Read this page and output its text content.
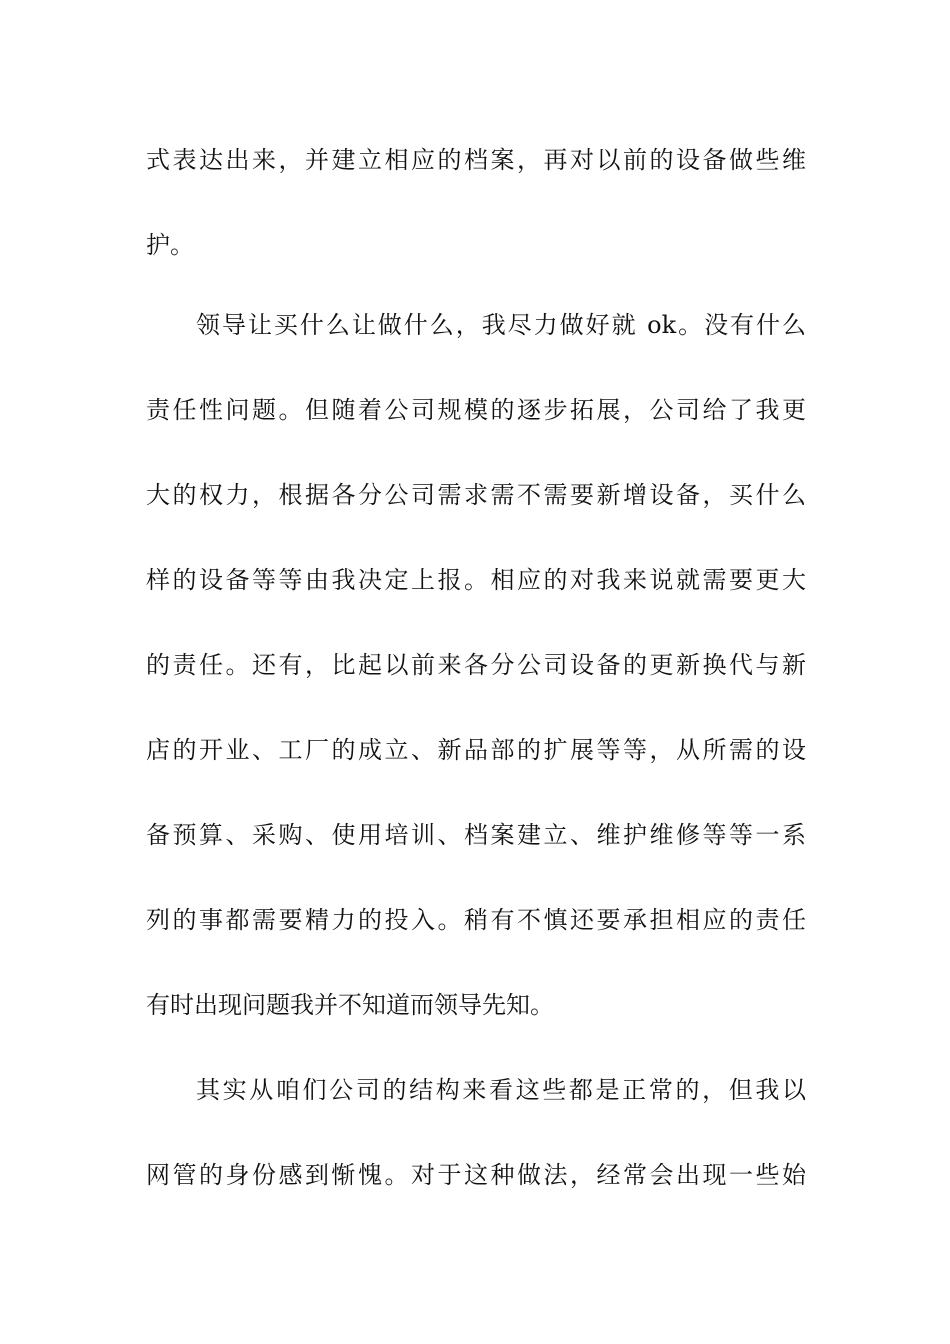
式表达出来，并建立相应的档案，再对以前的设备做些维
护。
领导让买什么让做什么，我尽力做好就 ok。没有什么
责任性问题。但随着公司规模的逐步拓展，公司给了我更
大的权力，根据各分公司需求需不需要新增设备，买什么
样的设备等等由我决定上报。相应的对我来说就需要更大
的责任。还有，比起以前来各分公司设备的更新换代与新
店的开业、工厂的成立、新品部的扩展等等，从所需的设
备预算、采购、使用培训、档案建立、维护维修等等一系
列的事都需要精力的投入。稍有不慎还要承担相应的责任
有时出现问题我并不知道而领导先知。
其实从咱们公司的结构来看这些都是正常的，但我以
网管的身份感到惭愧。对于这种做法，经常会出现一些始
